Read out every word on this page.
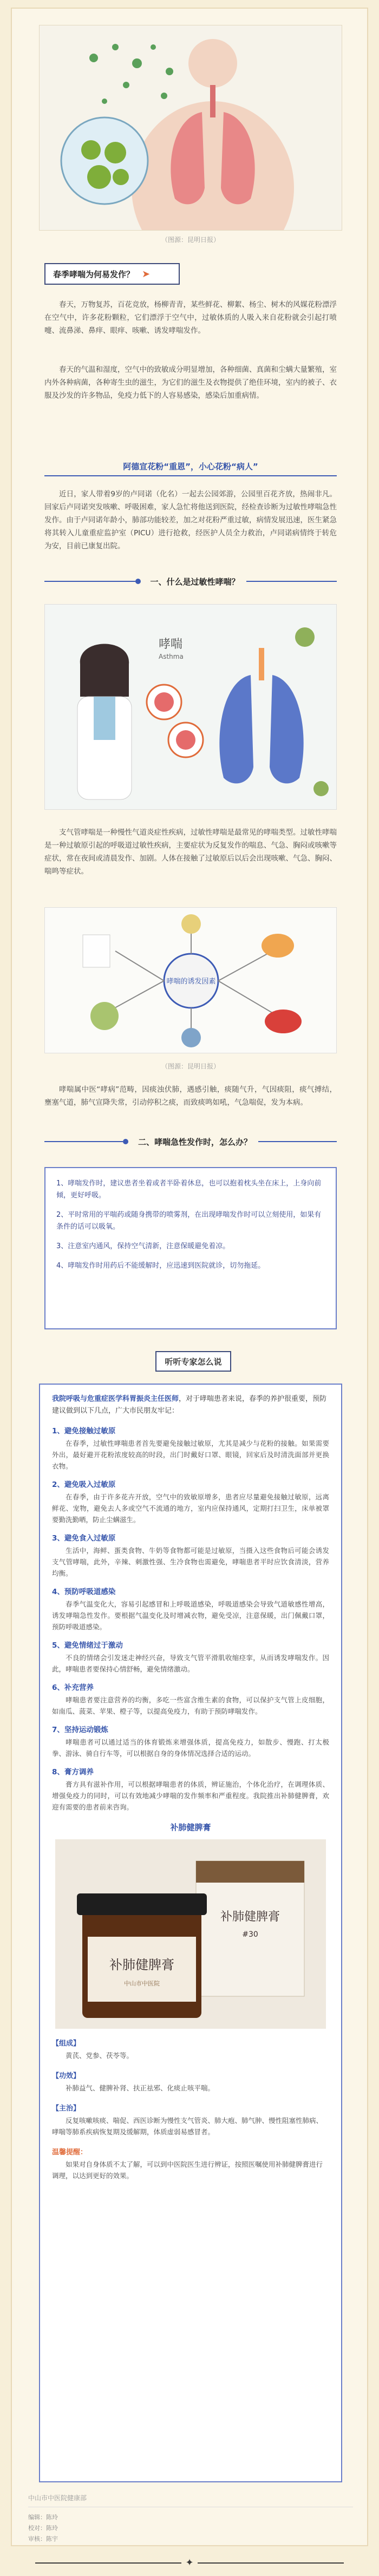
（图源：昆明日报）
春季哮喘为何易发作？ ➤
春天，万物复苏，百花竞放，杨柳青青，某些鲜花、柳絮、杨尘、树木的风媒花粉漂浮在空气中，许多花粉颗粒，它们漂浮于空气中，过敏体质的人吸入来自花粉就会引起打喷嚏、流鼻涕、鼻痒、眼痒、咳嗽、诱发哮喘发作。
春天的气温和湿度，空气中的致敏成分明显增加，各种细菌、真菌和尘螨大量繁殖，室内外各种病菌，各种寄生虫的滋生，为它们的滋生及衣物提供了绝佳环境，室内的被子、衣服及沙发的许多物品，免疫力低下的人容易感染，感染后加重病情。
阿德宣花粉“重恩”，小心花粉“病人”
近日，家人带着9岁的卢同诺（化名）一起去公园郊游，公园里百花齐放，热闹非凡。回家后卢同诺突发咳嗽、呼吸困难，家人急忙将他送到医院，经检查诊断为过敏性哮喘急性发作。由于卢同诺年龄小，肺部功能较差，加之对花粉严重过敏，病情发展迅速，医生紧急将其转入儿童重症监护室（PICU）进行抢救，经医护人员全力救治，卢同诺病情终于转危为安，目前已康复出院。
一、什么是过敏性哮喘？
哮喘
Asthma
支气管哮喘是一种慢性气道炎症性疾病，过敏性哮喘是最常见的哮喘类型。过敏性哮喘是一种过敏原引起的呼吸道过敏性疾病，主要症状为反复发作的喘息、气急、胸闷或咳嗽等症状，常在夜间或清晨发作、加剧。人体在接触了过敏原后以后会出现咳嗽、气急、胸闷、喘鸣等症状。
哮喘的诱发因素
（图源：昆明日报）
哮喘属中医“哮病”范畴，因痰浊伏肺，遇感引触，痰随气升，气因痰阻，痰气搏结，壅塞气道，肺气宣降失常，引动停积之痰，而致痰鸣如吼，气急喘促，发为本病。
二、哮喘急性发作时，怎么办？

1、哮喘发作时，建议患者坐着或者半卧着休息，也可以抱着枕头坐在床上，上身向前倾，更好呼吸。

2、平时常用的平喘药或随身携带的喷雾剂，在出现哮喘发作时可以立刻使用，如果有条件的话可以吸氧。

3、注意室内通风，保持空气清新，注意保暖避免着凉。

4、哮喘发作时用药后不能缓解时，应迅速到医院就诊，切勿拖延。

听听专家怎么说
我院呼吸与危重症医学科胃振炎主任医师，对于哮喘患者来说，春季的养护很重要，预防建议做到以下几点，广大市民朋友牢记：
1、避免接触过敏原
在春季，过敏性哮喘患者首先要避免接触过敏原，尤其是减少与花粉的接触。如果需要外出，最好避开花粉浓度较高的时段，出门时戴好口罩、眼镜，回家后及时清洗面部并更换衣物。
2、避免吸入过敏原
在春季，由于许多花卉开放，空气中的致敏原增多，患者应尽量避免接触过敏原，远离鲜花、宠物，避免去人多或空气不流通的地方，室内应保持通风，定期打扫卫生，床单被罩要勤洗勤晒，防止尘螨滋生。
3、避免食入过敏原
生活中，海鲜、蛋类食物、牛奶等食物都可能是过敏原，当摄入这些食物后可能会诱发支气管哮喘，此外，辛辣、刺激性强、生冷食物也需避免，哮喘患者平时应饮食清淡，营养均衡。
4、预防呼吸道感染
春季气温变化大，容易引起感冒和上呼吸道感染，呼吸道感染会导致气道敏感性增高，诱发哮喘急性发作。要根据气温变化及时增减衣物，避免受凉，注意保暖，出门佩戴口罩，预防呼吸道感染。
5、避免情绪过于激动
不良的情绪会引发迷走神经兴奋，导致支气管平滑肌收缩痉挛，从而诱发哮喘发作。因此，哮喘患者要保持心情舒畅，避免情绪激动。
6、补充营养
哮喘患者要注意营养的均衡，多吃一些富含维生素的食物，可以保护支气管上皮细胞，如南瓜、菠菜、苹果、橙子等，以提高免疫力，有助于预防哮喘发作。
7、坚持运动锻炼
哮喘患者可以通过适当的体育锻炼来增强体质，提高免疫力，如散步、慢跑、打太极拳、游泳、骑自行车等，可以根据自身的身体情况选择合适的运动。
8、膏方调养
膏方具有滋补作用，可以根据哮喘患者的体质，辨证施治，个体化治疗，在调理体质、增强免疫力的同时，可以有效地减少哮喘的发作频率和严重程度。我院推出补肺健脾膏，欢迎有需要的患者前来咨询。
补肺健脾膏
补肺健脾膏
#30
补肺健脾膏
中山市中医院
【组成】
黄芪、党参、茯苓等。
【功效】
补肺益气、健脾补肾、扶正祛邪、化痰止咳平喘。
【主治】
反复咳嗽咳痰、喘促、西医诊断为慢性支气管炎、肺大疱、肺气肿、慢性阻塞性肺病、哮喘等肺系疾病恢复期及缓解期，体质虚弱易感冒者。
温馨提醒：
如果对自身体质不太了解，可以到中医院医生进行辨证，按照医嘱使用补肺健脾膏进行调理，以达到更好的效果。
中山市中医院健康部
编辑：陈玲
校对：陈玲
审核：陈宇
✦
